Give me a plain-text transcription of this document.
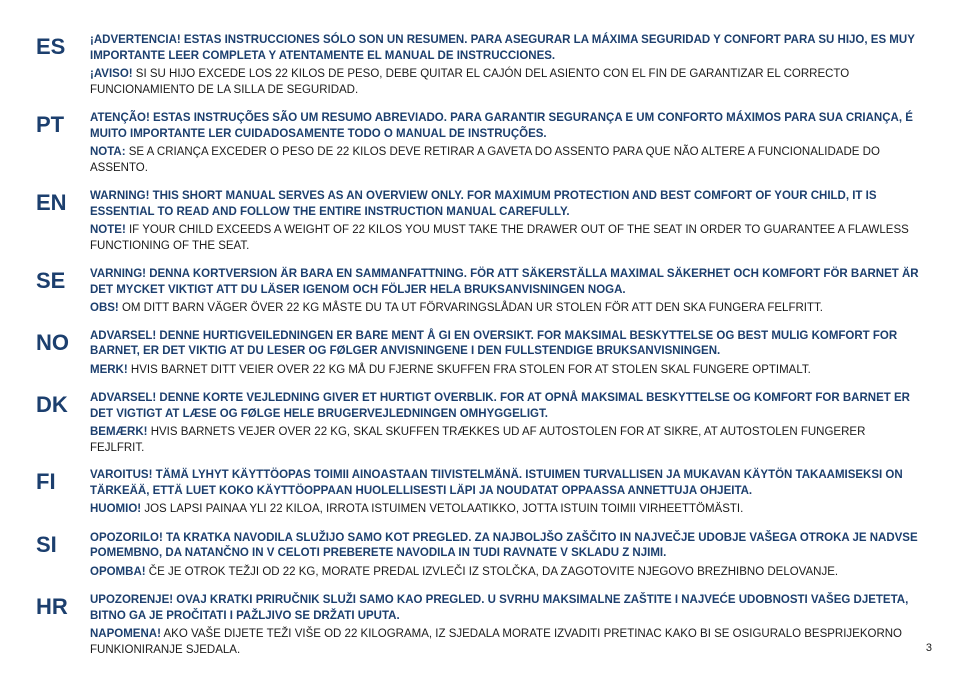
ES	¡ADVERTENCIA! ESTAS INSTRUCCIONES SÓLO SON UN RESUMEN. PARA ASEGURAR LA MÁXIMA SEGURIDAD Y CONFORT PARA SU HIJO, ES MUY IMPORTANTE LEER COMPLETA Y ATENTAMENTE EL MANUAL DE INSTRUCCIONES.

¡AVISO! SI SU HIJO EXCEDE LOS 22 KILOS DE PESO, DEBE QUITAR EL CAJÓN DEL ASIENTO CON EL FIN DE GARANTIZAR EL CORRECTO FUNCIONAMIENTO DE LA SILLA DE SEGURIDAD.

PT	ATENÇÃO! ESTAS INSTRUÇÕES SÃO UM RESUMO ABREVIADO. PARA GARANTIR SEGURANÇA E UM CONFORTO MÁXIMOS PARA SUA CRIANÇA, É MUITO IMPORTANTE LER CUIDADOSAMENTE TODO O MANUAL DE INSTRUÇÕES.

NOTA: SE A CRIANÇA EXCEDER O PESO DE 22 KILOS DEVE RETIRAR A GAVETA DO ASSENTO PARA QUE NÃO ALTERE A FUNCIONALIDADE DO ASSENTO.

EN	WARNING! THIS SHORT MANUAL SERVES AS AN OVERVIEW ONLY. FOR MAXIMUM PROTECTION AND BEST COMFORT OF YOUR CHILD, IT IS ESSENTIAL TO READ AND FOLLOW THE ENTIRE INSTRUCTION MANUAL CAREFULLY.

NOTE! IF YOUR CHILD EXCEEDS A WEIGHT OF 22 KILOS YOU MUST TAKE THE DRAWER OUT OF THE SEAT IN ORDER TO GUARANTEE A FLAWLESS FUNCTIONING OF THE SEAT.

SE	VARNING! DENNA KORTVERSION ÄR BARA EN SAMMANFATTNING. FÖR ATT SÄKERSTÄLLA MAXIMAL SÄKERHET OCH KOMFORT FÖR BARNET ÄR DET MYCKET VIKTIGT ATT DU LÄSER IGENOM OCH FÖLJER HELA BRUKSANVISNINGEN NOGA.

OBS! OM DITT BARN VÄGER ÖVER 22 KG MÅSTE DU TA UT FÖRVARINGSLÅDAN UR STOLEN FÖR ATT DEN SKA FUNGERA FELFRITT.

NO	ADVARSEL! DENNE HURTIGVEILEDNINGEN ER BARE MENT Å GI EN OVERSIKT. FOR MAKSIMAL BESKYTTELSE OG BEST MULIG KOMFORT FOR BARNET, ER DET VIKTIG AT DU LESER OG FØLGER ANVISNINGENE I DEN FULLSTENDIGE BRUKSANVISNINGEN.

MERK! HVIS BARNET DITT VEIER OVER 22 KG MÅ DU FJERNE SKUFFEN FRA STOLEN FOR AT STOLEN SKAL FUNGERE OPTIMALT.

DK	ADVARSEL! DENNE KORTE VEJLEDNING GIVER ET HURTIGT OVERBLIK. FOR AT OPNÅ MAKSIMAL BESKYTTELSE OG KOMFORT FOR BARNET ER DET VIGTIGT AT LÆSE OG FØLGE HELE BRUGERVEJLEDNINGEN OMHYGGELIGT.

BEMÆRK! HVIS BARNETS VEJER OVER 22 KG, SKAL SKUFFEN TRÆKKES UD AF AUTOSTOLEN FOR AT SIKRE, AT AUTOSTOLEN FUNGERER FEJLFRIT.

FI	VAROITUS! TÄMÄ LYHYT KÄYTTÖOPAS TOIMII AINOASTAAN TIIVISTELMÄNÄ. ISTUIMEN TURVALLISEN JA MUKAVAN KÄYTÖN TAKAAMISEKSI ON TÄRKEÄÄ, ETTÄ LUET KOKO KÄYTTÖOPPAAN HUOLELLISESTI LÄPI JA NOUDATAT OPPAASSA ANNETTUJA OHJEITA.

HUOMIO! JOS LAPSI PAINAA YLI 22 KILOA, IRROTA ISTUIMEN VETOLAATIKKO, JOTTA ISTUIN TOIMII VIRHEETTÖMÄSTI.

SI	OPOZORILO! TA KRATKA NAVODILA SLUŽIJO SAMO KOT PREGLED. ZA NAJBOLJŠO ZAŠČITO IN NAJVEČJE UDOBJE VAŠEGA OTROKA JE NADVSE POMEMBNO, DA NATANČNO IN V CELOTI PREBERETE NAVODILA IN TUDI RAVNATE V SKLADU Z NJIMI.

OPOMBA! ČE JE OTROK TEŽJI OD 22 KG, MORATE PREDAL IZVLEČI IZ STOLČKA, DA ZAGOTOVITE NJEGOVO BREZHIBNO DELOVANJE.

HR	UPOZORENJE! OVAJ KRATKI PRIRUČNIK SLUŽI SAMO KAO PREGLED. U SVRHU MAKSIMALNE ZAŠTITE I NAJVEĆE UDOBNOSTI VAŠEG DJETETA, BITNO GA JE PROČITATI I PAŽLJIVO SE DRŽATI UPUTA.

NAPOMENA! AKO VAŠE DIJETE TEŽI VIŠE OD 22 KILOGRAMA, IZ SJEDALA MORATE IZVADITI PRETINAC KAKO BI SE OSIGURALO BESPRIJEKORNO FUNKIONIRANJE SJEDALA.	3
